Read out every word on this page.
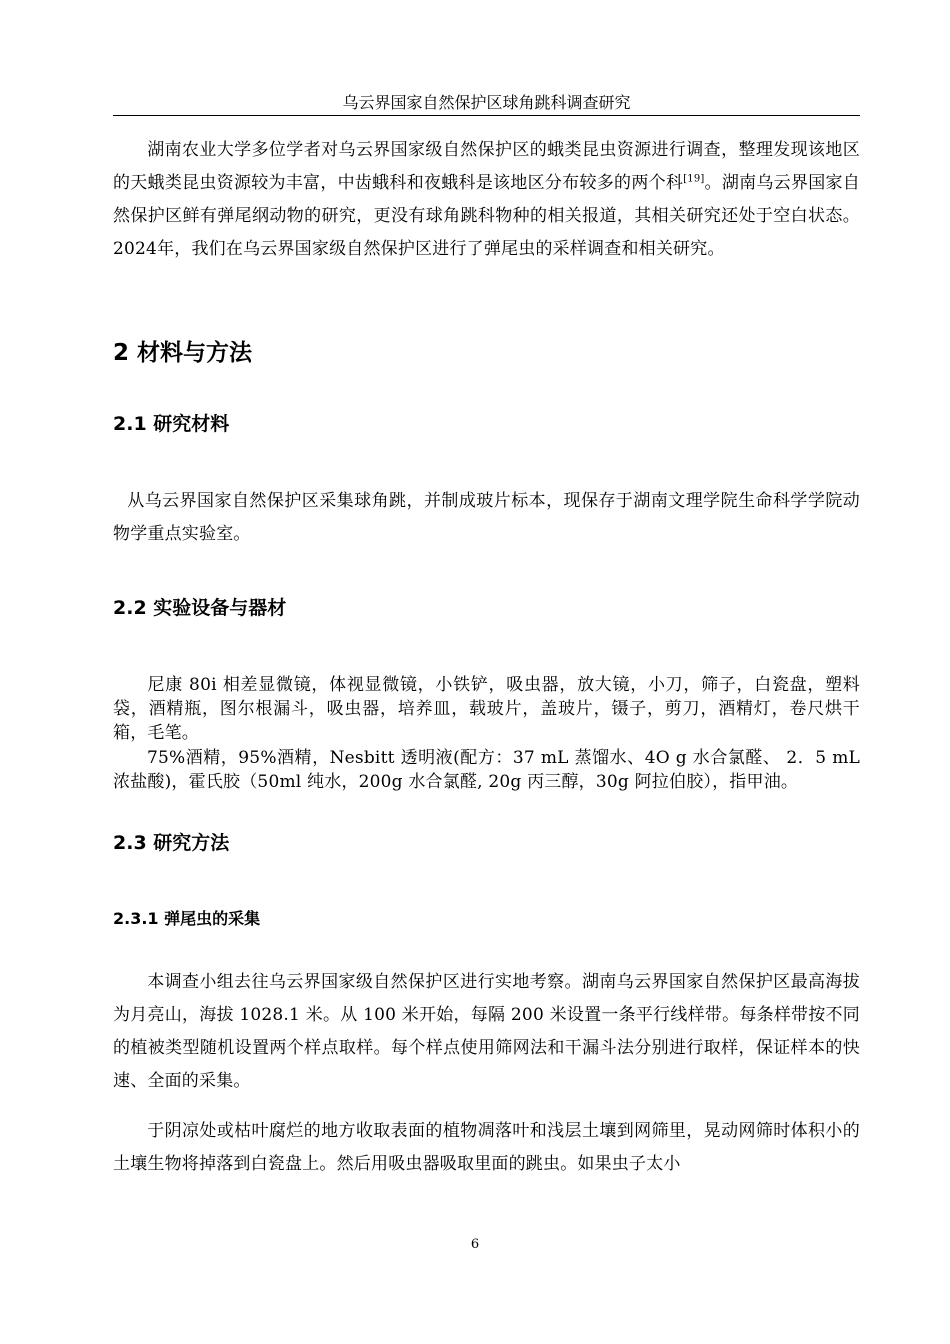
乌云界国家自然保护区球角跳科调查研究

湖南农业大学多位学者对乌云界国家级自然保护区的蛾类昆虫资源进行调查，整理发现该地区的天蛾类昆虫资源较为丰富，中齿蛾科和夜蛾科是该地区分布较多的两个科[19]。湖南乌云界国家自然保护区鲜有弹尾纲动物的研究，更没有球角跳科物种的相关报道，其相关研究还处于空白状态。2024年，我们在乌云界国家级自然保护区进行了弹尾虫的采样调查和相关研究。

2 材料与方法
2.1 研究材料

从乌云界国家自然保护区采集球角跳，并制成玻片标本，现保存于湖南文理学院生命科学学院动物学重点实验室。

2.2 实验设备与器材

尼康 80i 相差显微镜，体视显微镜，小铁铲，吸虫器，放大镜，小刀，筛子，白瓷盘，塑料袋，酒精瓶，图尔根漏斗，吸虫器，培养皿，载玻片，盖玻片，镊子，剪刀，酒精灯，卷尺烘干箱，毛笔。

75%酒精，95%酒精，Nesbitt 透明液(配方：37 mL 蒸馏水、4O g 水合氯醛、 2．5 mL 浓盐酸)，霍氏胶（50ml 纯水，200g 水合氯醛, 20g 丙三醇，30g 阿拉伯胶），指甲油。

2.3 研究方法
2.3.1 弹尾虫的采集

本调查小组去往乌云界国家级自然保护区进行实地考察。湖南乌云界国家自然保护区最高海拔为月亮山，海拔 1028.1 米。从 100 米开始，每隔 200 米设置一条平行线样带。每条样带按不同的植被类型随机设置两个样点取样。每个样点使用筛网法和干漏斗法分别进行取样，保证样本的快速、全面的采集。

于阴凉处或枯叶腐烂的地方收取表面的植物凋落叶和浅层土壤到网筛里，晃动网筛时体积小的土壤生物将掉落到白瓷盘上。然后用吸虫器吸取里面的跳虫。如果虫子太小

6
